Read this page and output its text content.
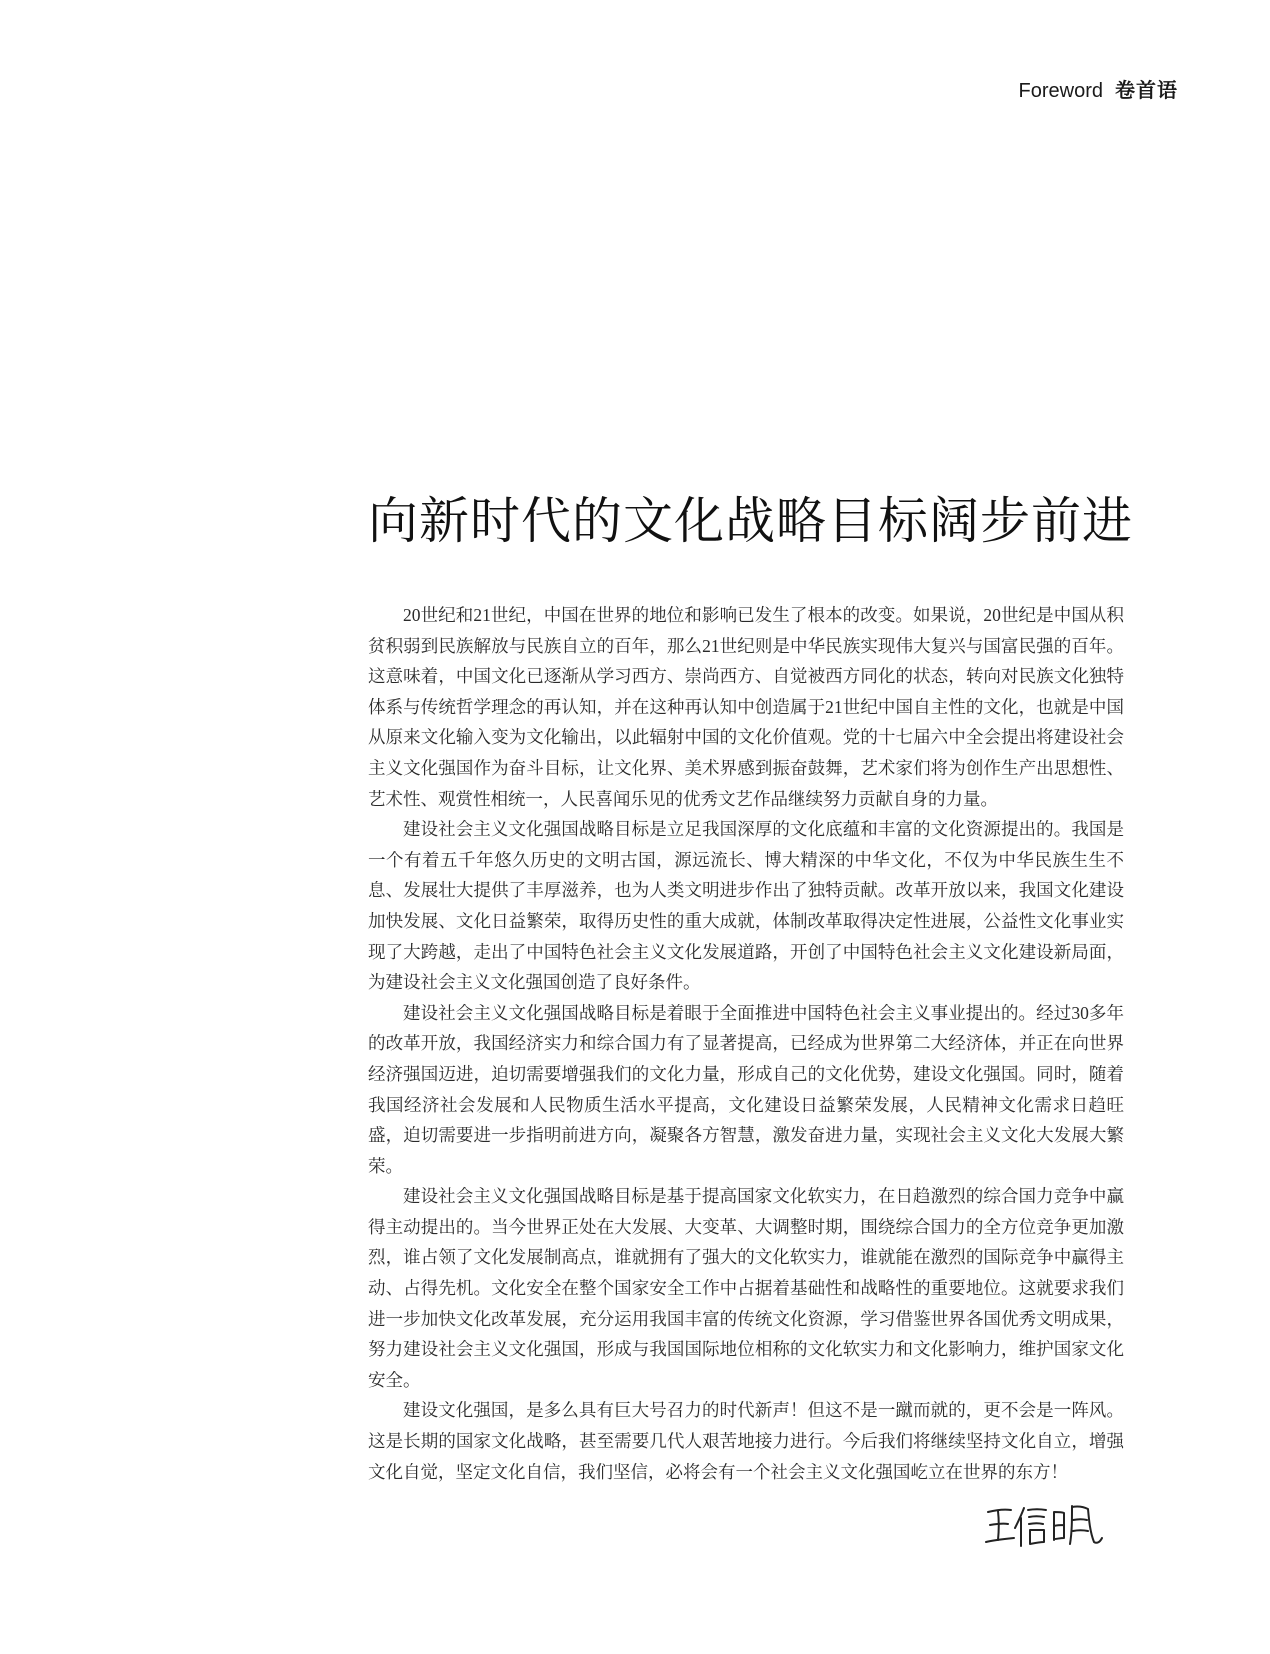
Foreword 卷首语
向新时代的文化战略目标阔步前进

20世纪和21世纪，中国在世界的地位和影响已发生了根本的改变。如果说，20世纪是中国从积贫积弱到民族解放与民族自立的百年，那么21世纪则是中华民族实现伟大复兴与国富民强的百年。这意味着，中国文化已逐渐从学习西方、崇尚西方、自觉被西方同化的状态，转向对民族文化独特体系与传统哲学理念的再认知，并在这种再认知中创造属于21世纪中国自主性的文化，也就是中国从原来文化输入变为文化输出，以此辐射中国的文化价值观。党的十七届六中全会提出将建设社会主义文化强国作为奋斗目标，让文化界、美术界感到振奋鼓舞，艺术家们将为创作生产出思想性、艺术性、观赏性相统一，人民喜闻乐见的优秀文艺作品继续努力贡献自身的力量。

建设社会主义文化强国战略目标是立足我国深厚的文化底蕴和丰富的文化资源提出的。我国是一个有着五千年悠久历史的文明古国，源远流长、博大精深的中华文化，不仅为中华民族生生不息、发展壮大提供了丰厚滋养，也为人类文明进步作出了独特贡献。改革开放以来，我国文化建设加快发展、文化日益繁荣，取得历史性的重大成就，体制改革取得决定性进展，公益性文化事业实现了大跨越，走出了中国特色社会主义文化发展道路，开创了中国特色社会主义文化建设新局面，为建设社会主义文化强国创造了良好条件。

建设社会主义文化强国战略目标是着眼于全面推进中国特色社会主义事业提出的。经过30多年的改革开放，我国经济实力和综合国力有了显著提高，已经成为世界第二大经济体，并正在向世界经济强国迈进，迫切需要增强我们的文化力量，形成自己的文化优势，建设文化强国。同时，随着我国经济社会发展和人民物质生活水平提高，文化建设日益繁荣发展，人民精神文化需求日趋旺盛，迫切需要进一步指明前进方向，凝聚各方智慧，激发奋进力量，实现社会主义文化大发展大繁荣。

建设社会主义文化强国战略目标是基于提高国家文化软实力，在日趋激烈的综合国力竞争中赢得主动提出的。当今世界正处在大发展、大变革、大调整时期，围绕综合国力的全方位竞争更加激烈，谁占领了文化发展制高点，谁就拥有了强大的文化软实力，谁就能在激烈的国际竞争中赢得主动、占得先机。文化安全在整个国家安全工作中占据着基础性和战略性的重要地位。这就要求我们进一步加快文化改革发展，充分运用我国丰富的传统文化资源，学习借鉴世界各国优秀文明成果，努力建设社会主义文化强国，形成与我国国际地位相称的文化软实力和文化影响力，维护国家文化安全。

建设文化强国，是多么具有巨大号召力的时代新声！但这不是一蹴而就的，更不会是一阵风。这是长期的国家文化战略，甚至需要几代人艰苦地接力进行。今后我们将继续坚持文化自立，增强文化自觉，坚定文化自信，我们坚信，必将会有一个社会主义文化强国屹立在世界的东方！
